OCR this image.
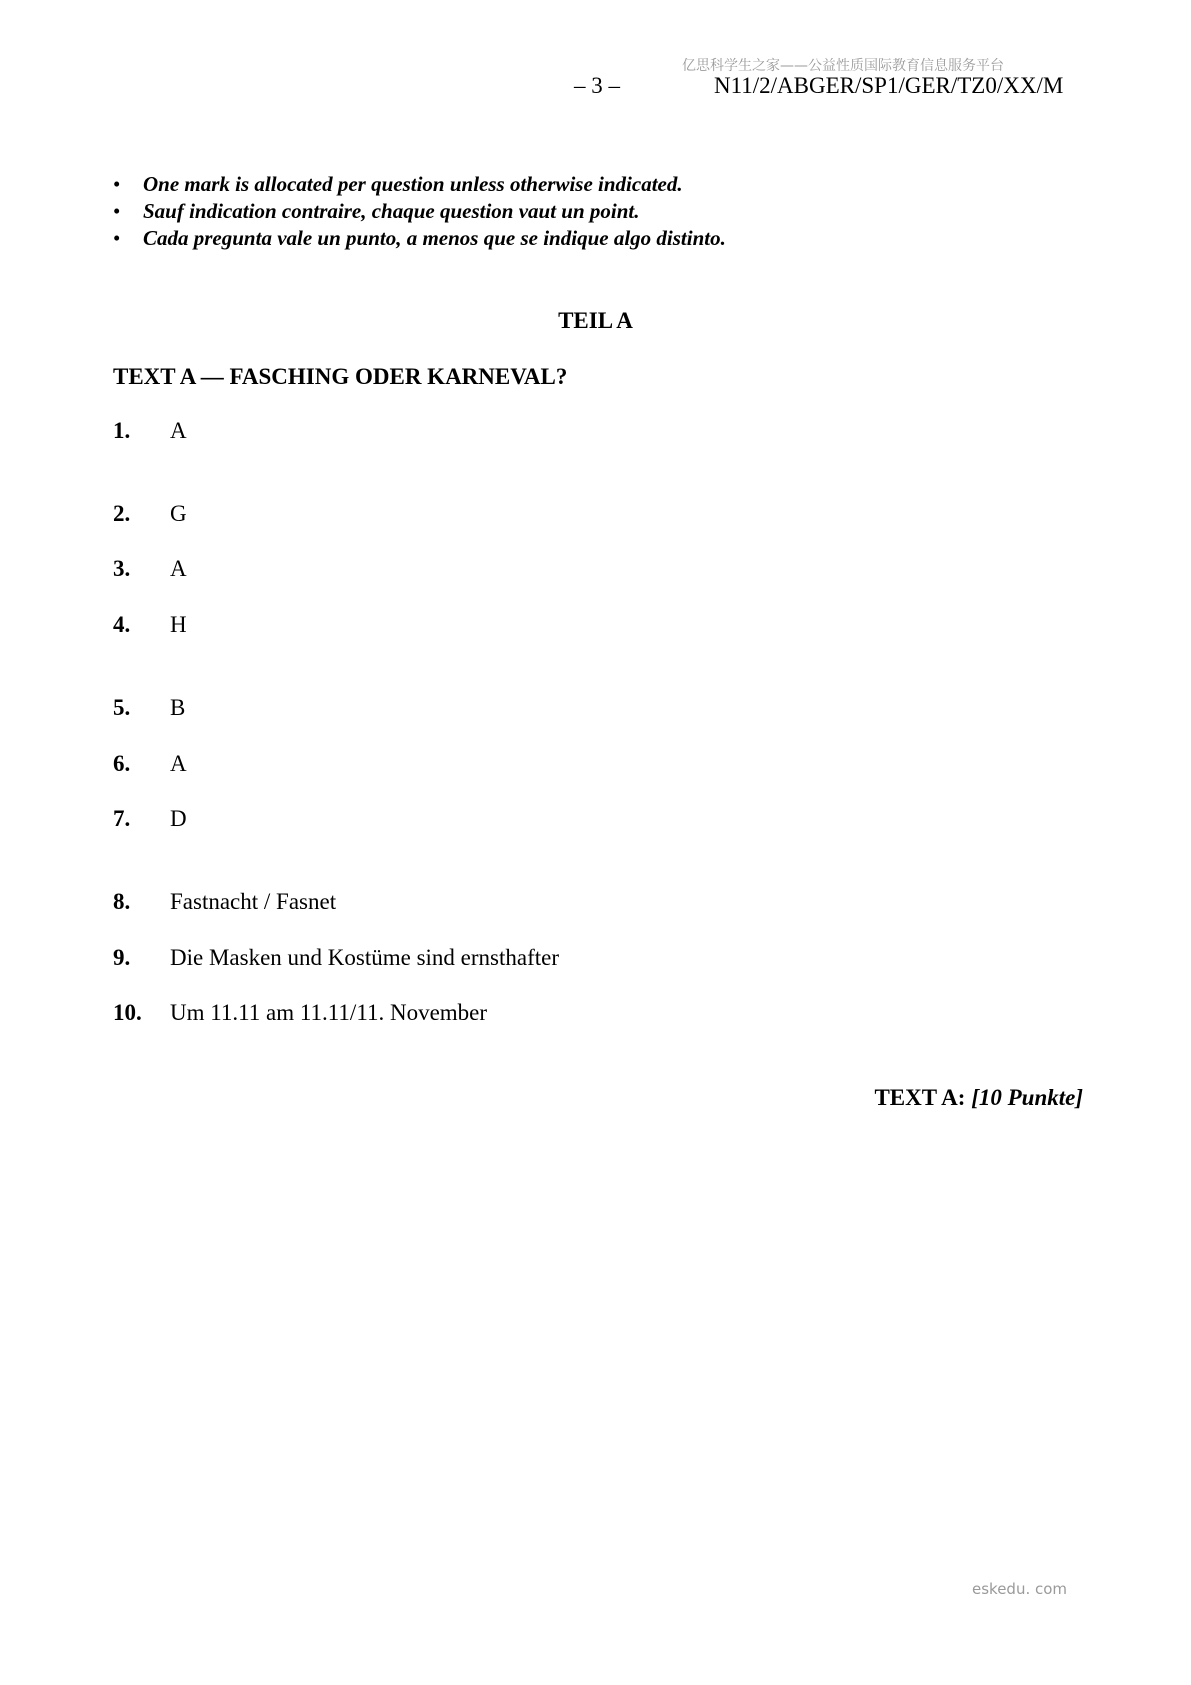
亿思科学生之家——公益性质国际教育信息服务平台
– 3 –	N11/2/ABGER/SP1/GER/TZ0/XX/M
• One mark is allocated per question unless otherwise indicated.
• Sauf indication contraire, chaque question vaut un point.
• Cada pregunta vale un punto, a menos que se indique algo distinto.
TEIL A
TEXT A — FASCHING ODER KARNEVAL?
1. A
2. G
3. A
4. H
5. B
6. A
7. D
8. Fastnacht / Fasnet
9. Die Masken und Kostüme sind ernsthafter
10. Um 11.11 am 11.11/11. November
TEXT A: [10 Punkte]
eskedu. com
